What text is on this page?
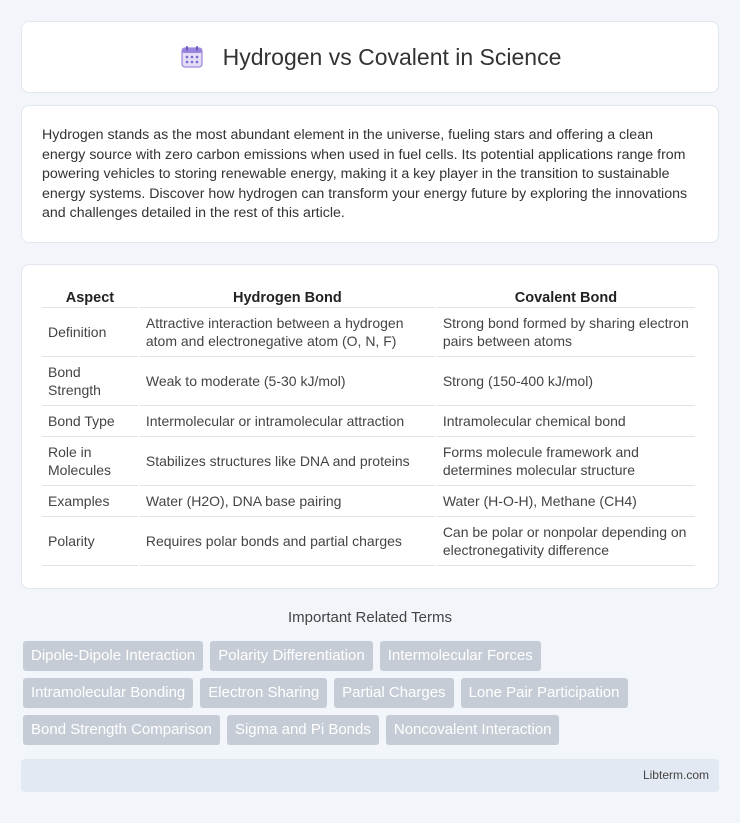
Hydrogen vs Covalent in Science

Hydrogen stands as the most abundant element in the universe, fueling stars and offering a clean energy source with zero carbon emissions when used in fuel cells. Its potential applications range from powering vehicles to storing renewable energy, making it a key player in the transition to sustainable energy systems. Discover how hydrogen can transform your energy future by exploring the innovations and challenges detailed in the rest of this article.

Aspect	Hydrogen Bond	Covalent Bond
Definition	Attractive interaction between a hydrogen atom and electronegative atom (O, N, F)	Strong bond formed by sharing electron pairs between atoms
Bond Strength	Weak to moderate (5-30 kJ/mol)	Strong (150-400 kJ/mol)
Bond Type	Intermolecular or intramolecular attraction	Intramolecular chemical bond
Role in Molecules	Stabilizes structures like DNA and proteins	Forms molecule framework and determines molecular structure
Examples	Water (H2O), DNA base pairing	Water (H-O-H), Methane (CH4)
Polarity	Requires polar bonds and partial charges	Can be polar or nonpolar depending on electronegativity difference
Important Related Terms
Dipole-Dipole Interaction	Polarity Differentiation	Intermolecular Forces
Intramolecular Bonding	Electron Sharing	Partial Charges	Lone Pair Participation
Bond Strength Comparison	Sigma and Pi Bonds	Noncovalent Interaction
Libterm.com
